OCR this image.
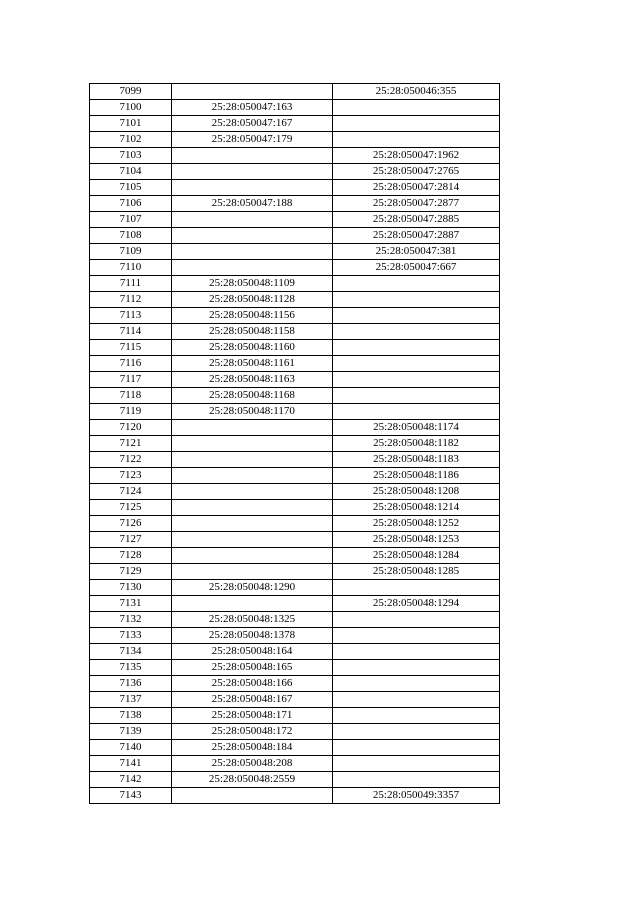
7099		25:28:050046:355
7100	25:28:050047:163	
7101	25:28:050047:167	
7102	25:28:050047:179	
7103		25:28:050047:1962
7104		25:28:050047:2765
7105		25:28:050047:2814
7106	25:28:050047:188	25:28:050047:2877
7107		25:28:050047:2885
7108		25:28:050047:2887
7109		25:28:050047:381
7110		25:28:050047:667
7111	25:28:050048:1109	
7112	25:28:050048:1128	
7113	25:28:050048:1156	
7114	25:28:050048:1158	
7115	25:28:050048:1160	
7116	25:28:050048:1161	
7117	25:28:050048:1163	
7118	25:28:050048:1168	
7119	25:28:050048:1170	
7120		25:28:050048:1174
7121		25:28:050048:1182
7122		25:28:050048:1183
7123		25:28:050048:1186
7124		25:28:050048:1208
7125		25:28:050048:1214
7126		25:28:050048:1252
7127		25:28:050048:1253
7128		25:28:050048:1284
7129		25:28:050048:1285
7130	25:28:050048:1290	
7131		25:28:050048:1294
7132	25:28:050048:1325	
7133	25:28:050048:1378	
7134	25:28:050048:164	
7135	25:28:050048:165	
7136	25:28:050048:166	
7137	25:28:050048:167	
7138	25:28:050048:171	
7139	25:28:050048:172	
7140	25:28:050048:184	
7141	25:28:050048:208	
7142	25:28:050048:2559	
7143		25:28:050049:3357
